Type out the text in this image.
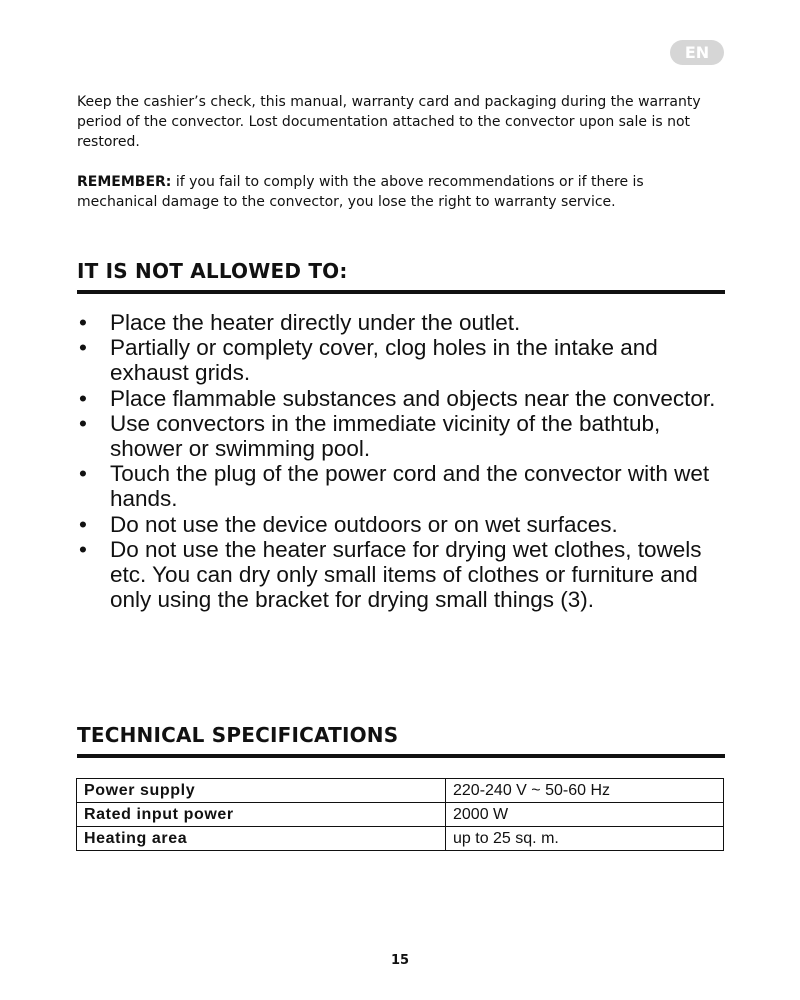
EN

Keep the cashier’s check, this manual, warranty card and packaging during the warranty period of the convector. Lost documentation attached to the convector upon sale is not restored.

REMEMBER: if you fail to comply with the above recommendations or if there is mechanical damage to the convector, you lose the right to warranty service.

IT IS NOT ALLOWED TO:
• Place the heater directly under the outlet.
• Partially or complety cover, clog holes in the intake and exhaust grids.
• Place flammable substances and objects near the convector.
• Use convectors in the immediate vicinity of the bathtub, shower or swimming pool.
• Touch the plug of the power cord and the convector with wet hands.
• Do not use the device outdoors or on wet surfaces.
• Do not use the heater surface for drying wet clothes, towels etc. You can dry only small items of clothes or furniture and only using the bracket for drying small things (3).
TECHNICAL SPECIFICATIONS
Power supply	220-240 V ~ 50-60 Hz
Rated input power	2000 W
Heating area	up to 25 sq. m.
15
